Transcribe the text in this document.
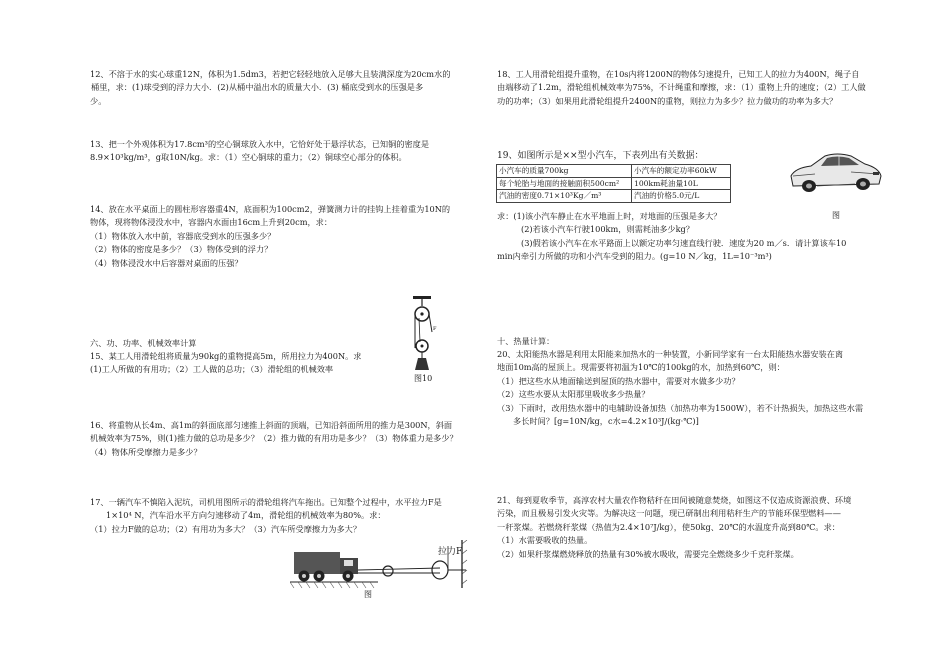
12、不溶于水的实心球重12N，体积为1.5dm3，若把它轻轻地放入足够大且装满深度为20cm水的

桶里，求：(1)球受到的浮力大小．(2)从桶中溢出水的质量大小．(3) 桶底受到水的压强是多

少。

13、把一个外观体积为17.8cm³的空心铜球放入水中，它恰好处于悬浮状态，已知铜的密度是

8.9×10³kg/m³，g取10N/kg。求：（1）空心铜球的重力；（2）铜球空心部分的体积。

14、放在水平桌面上的圆柱形容器重4N，底面积为100cm2，弹簧测力计的挂钩上挂着重为10N的

物体，现将物体浸没水中，容器内水面由16cm上升到20cm，求：

（1）物体放入水中前，容器底受到水的压强多少？

（2）物体的密度是多少？（3）物体受到的浮力？

（4）物体浸没水中后容器对桌面的压强？

F
图10
六、功、功率、机械效率计算

15、某工人用滑轮组将质量为90kg的重物提高5m，所用拉力为400N。求

(1)工人所做的有用功；（2）工人做的总功；（3）滑轮组的机械效率

16、将重物从长4m、高1m的斜面底部匀速推上斜面的顶端，已知沿斜面所用的推力是300N，斜面

机械效率为75%，则(1)推力做的总功是多少？（2）推力做的有用功是多少？（3）物体重力是多少？

（4）物体所受摩擦力是多少？

17、一辆汽车不慎陷入泥坑，司机用图所示的滑轮组将汽车拖出。已知整个过程中，水平拉力F是

1×10⁴ N，汽车沿水平方向匀速移动了4m，滑轮组的机械效率为80%。求：

（1）拉力F做的总功；（2）有用功为多大？（3）汽车所受摩擦力为多大？

拉力F
图

18、工人用滑轮组提升重物，在10s内将1200N的物体匀速提升，已知工人的拉力为400N，绳子自

由端移动了1.2m，滑轮组机械效率为75%，不计绳重和摩擦，求：（1）重物上升的速度；（2）工人做

功的功率；（3）如果用此滑轮组提升2400N的重物，则拉力为多少？拉力做功的功率为多大？

19、如图所示是××型小汽车，下表列出有关数据：
小汽车的质量700kg	小汽车的额定功率60kW
每个轮胎与地面的接触面积500cm²	100km耗油量10L
汽油的密度0.71×10³Kg／m³	汽油的价格5.0元/L
图

求：(1)该小汽车静止在水平地面上时，对地面的压强是多大？

(2)若该小汽车行驶100km，则需耗油多少kg？

(3)假若该小汽车在水平路面上以额定功率匀速直线行驶．速度为20 m／s．请计算该车10

min内牵引力所做的功和小汽车受到的阻力。(g=10 N／kg，1L=10⁻³m³)

十、热量计算：

20、太阳能热水器是利用太阳能来加热水的一种装置，小新同学家有一台太阳能热水器安装在离

地面10m高的屋顶上。现需要将初温为10℃的100kg的水，加热到60℃，则：

（1）把这些水从地面输送到屋顶的热水器中，需要对水做多少功？

（2）这些水要从太阳那里吸收多少热量？

（3）下雨时，改用热水器中的电辅助设备加热（加热功率为1500W），若不计热损失，加热这些水需

多长时间？[g=10N/kg，c水=4.2×10³J/(kg·℃)]

21、每到夏收季节，高淳农村大量农作物秸秆在田间被随意焚烧，如图这不仅造成资源浪费、环境

污染，而且极易引发火灾等。为解决这一问题，现已研制出利用秸秆生产的节能环保型燃料——

一秆浆煤。若燃烧秆浆煤（热值为2.4×10⁷J/kg），使50kg、20℃的水温度升高到80℃。求：

（1）水需要吸收的热量。

（2）如果秆浆煤燃烧释放的热量有30%被水吸收，需要完全燃烧多少千克秆浆煤。
